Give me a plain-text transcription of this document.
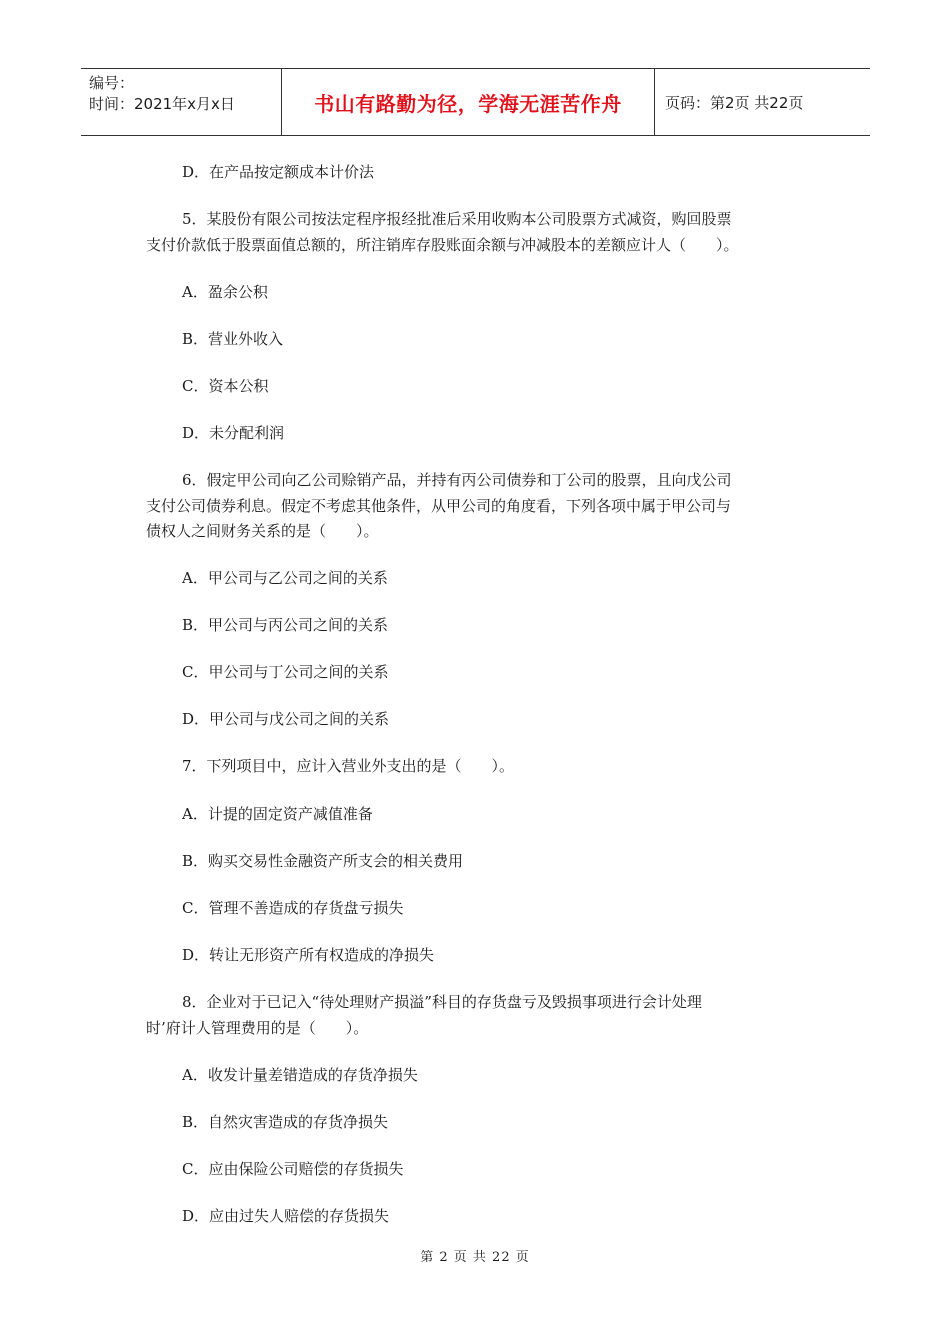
编号：
时间：2021年x月x日	书山有路勤为径，学海无涯苦作舟	页码：第2页 共22页
D．在产品按定额成本计价法
5．某股份有限公司按法定程序报经批准后采用收购本公司股票方式减资，购回股票
支付价款低于股票面值总额的，所注销库存股账面余额与冲减股本的差额应计人（　　）。
A．盈余公积
B．营业外收入
C．资本公积
D．未分配利润
6．假定甲公司向乙公司赊销产品，并持有丙公司债券和丁公司的股票，且向戊公司
支付公司债券利息。假定不考虑其他条件，从甲公司的角度看，下列各项中属于甲公司与
债权人之间财务关系的是（　　）。
A．甲公司与乙公司之间的关系
B．甲公司与丙公司之间的关系
C．甲公司与丁公司之间的关系
D．甲公司与戊公司之间的关系
7．下列项目中，应计入营业外支出的是（　　）。
A．计提的固定资产减值准备
B．购买交易性金融资产所支会的相关费用
C．管理不善造成的存货盘亏损失
D．转让无形资产所有权造成的净损失
8．企业对于已记入“待处理财产损溢”科目的存货盘亏及毁损事项进行会计处理
时’府计人管理费用的是（　　）。
A．收发计量差错造成的存货净损失
B．自然灾害造成的存货净损失
C．应由保险公司赔偿的存货损失
D．应由过失人赔偿的存货损失
第 2 页 共 22 页
